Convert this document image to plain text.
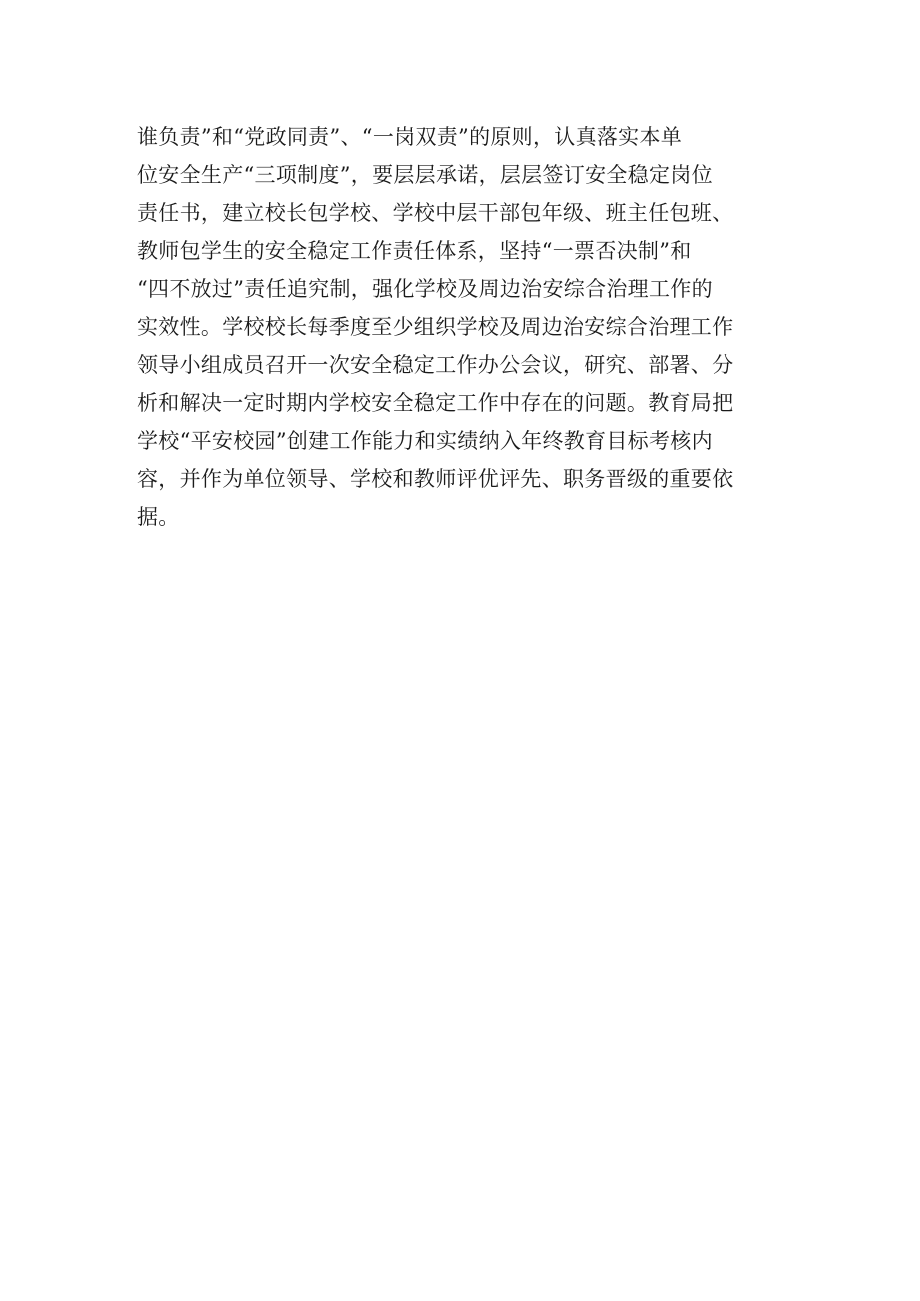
谁负责”和“党政同责”、“一岗双责”的原则，认真落实本单
位安全生产“三项制度”，要层层承诺，层层签订安全稳定岗位
责任书，建立校长包学校、学校中层干部包年级、班主任包班、
教师包学生的安全稳定工作责任体系，坚持“一票否决制”和
“四不放过”责任追究制，强化学校及周边治安综合治理工作的
实效性。学校校长每季度至少组织学校及周边治安综合治理工作
领导小组成员召开一次安全稳定工作办公会议，研究、部署、分
析和解决一定时期内学校安全稳定工作中存在的问题。教育局把
学校“平安校园”创建工作能力和实绩纳入年终教育目标考核内
容，并作为单位领导、学校和教师评优评先、职务晋级的重要依
据。
